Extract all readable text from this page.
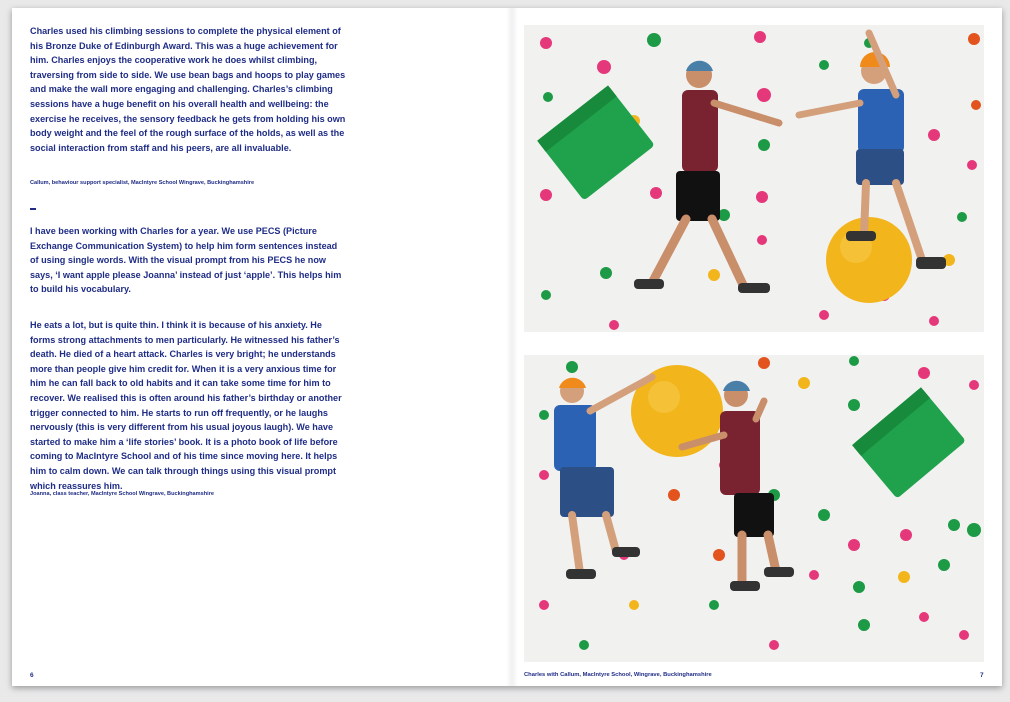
Charles used his climbing sessions to complete the physical element of his Bronze Duke of Edinburgh Award. This was a huge achievement for him. Charles enjoys the cooperative work he does whilst climbing, traversing from side to side. We use bean bags and hoops to play games and make the wall more engaging and challenging. Charles’s climbing sessions have a huge benefit on his overall health and wellbeing: the exercise he receives, the sensory feedback he gets from holding his own body weight and the feel of the rough surface of the holds, as well as the social interaction from staff and his peers, are all invaluable.

Callum, behaviour support specialist, MacIntyre School Wingrave, Buckinghamshire

I have been working with Charles for a year. We use PECS (Picture Exchange Communication System) to help him form sentences instead of using single words. With the visual prompt from his PECS he now says, ‘I want apple please Joanna’ instead of just ‘apple’. This helps him to build his vocabulary.

He eats a lot, but is quite thin. I think it is because of his anxiety. He forms strong attachments to men particularly. He witnessed his father’s death. He died of a heart attack. Charles is very bright; he understands more than people give him credit for. When it is a very anxious time for him he can fall back to old habits and it can take some time for him to recover. We realised this is often around his father’s birthday or another trigger connected to him. He starts to run off frequently, or he laughs nervously (this is very different from his usual joyous laugh). We have started to make him a ‘life stories’ book. It is a photo book of life before coming to MacIntyre School and of his time since moving here. It helps him to calm down. We can talk through things using this visual prompt which reassures him.

Joanna, class teacher, MacIntyre School Wingrave, Buckinghamshire

6	Charles with Callum, MacIntyre School, Wingrave, Buckinghamshire	7
